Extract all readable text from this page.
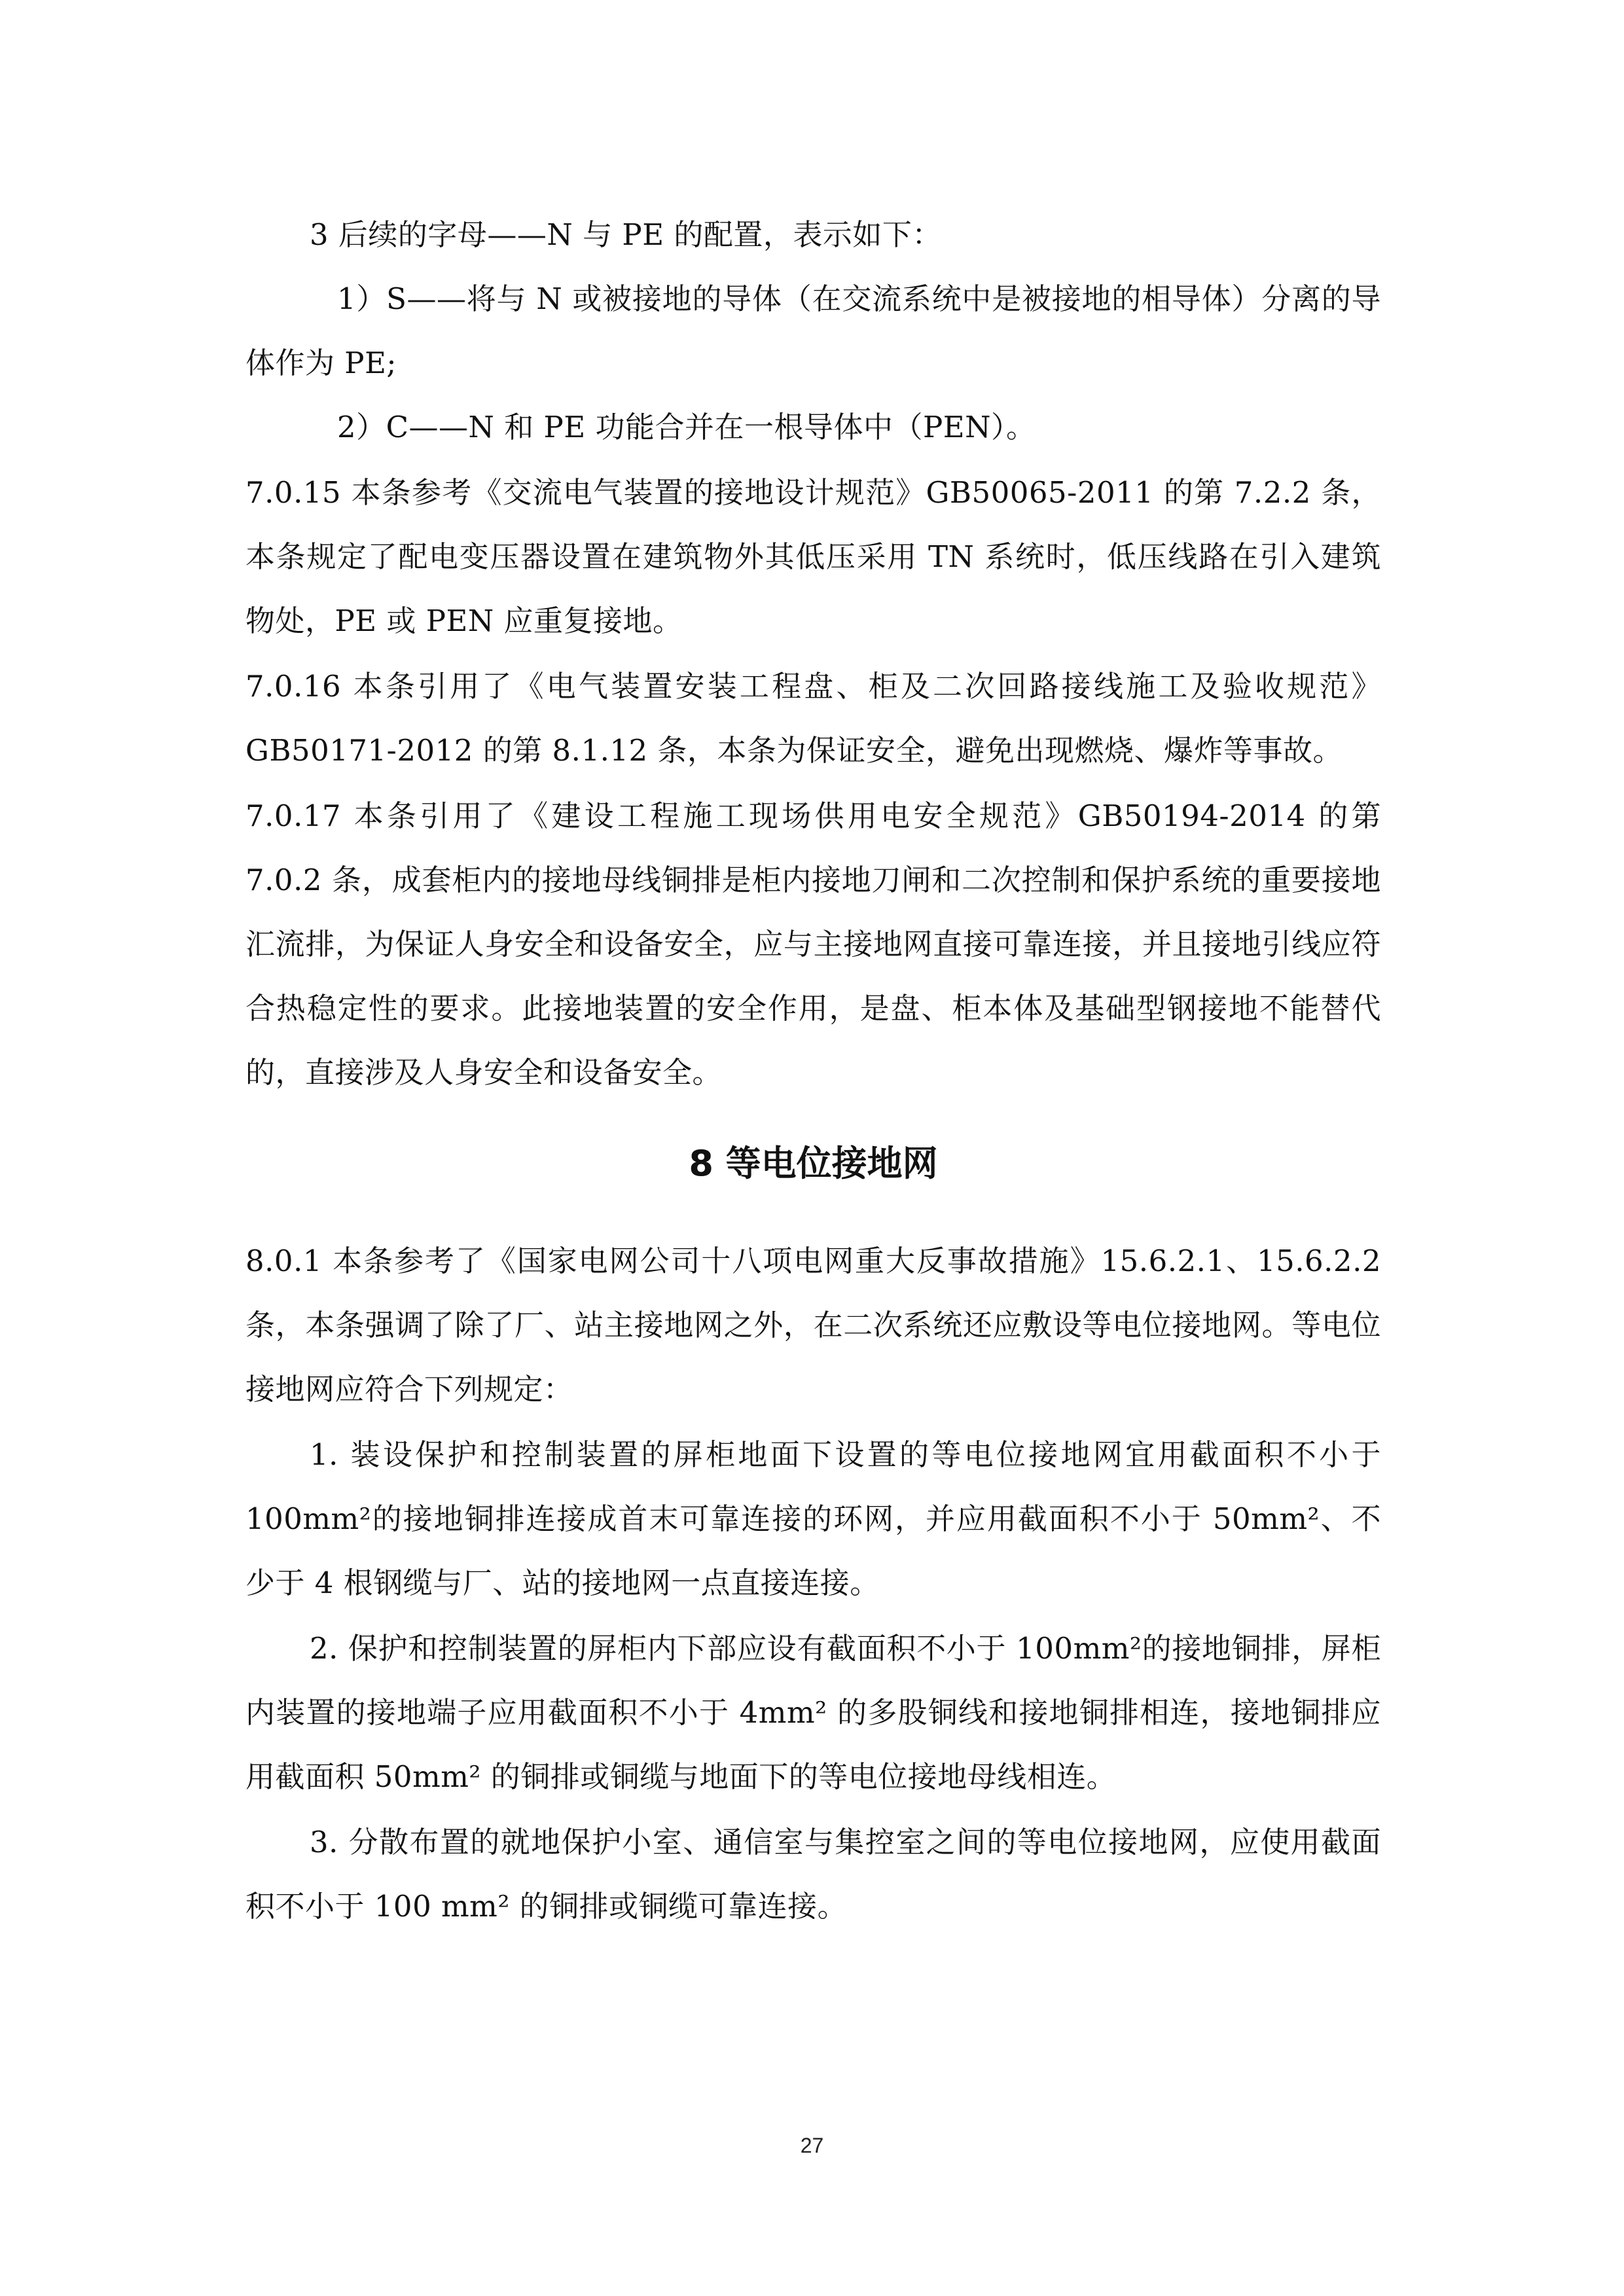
3 后续的字母——N 与 PE 的配置，表示如下：

1）S——将与 N 或被接地的导体（在交流系统中是被接地的相导体）分离的导体作为 PE;

2）C——N 和 PE 功能合并在一根导体中（PEN）。

7.0.15 本条参考《交流电气装置的接地设计规范》GB50065-2011 的第 7.2.2 条，本条规定了配电变压器设置在建筑物外其低压采用 TN 系统时，低压线路在引入建筑物处，PE 或 PEN 应重复接地。

7.0.16 本条引用了《电气装置安装工程盘、柜及二次回路接线施工及验收规范》GB50171-2012 的第 8.1.12 条，本条为保证安全，避免出现燃烧、爆炸等事故。

7.0.17 本条引用了《建设工程施工现场供用电安全规范》GB50194-2014 的第 7.0.2 条，成套柜内的接地母线铜排是柜内接地刀闸和二次控制和保护系统的重要接地汇流排，为保证人身安全和设备安全，应与主接地网直接可靠连接，并且接地引线应符合热稳定性的要求。此接地装置的安全作用，是盘、柜本体及基础型钢接地不能替代的，直接涉及人身安全和设备安全。

8 等电位接地网

8.0.1 本条参考了《国家电网公司十八项电网重大反事故措施》15.6.2.1、15.6.2.2 条，本条强调了除了厂、站主接地网之外，在二次系统还应敷设等电位接地网。等电位接地网应符合下列规定：

1. 装设保护和控制装置的屏柜地面下设置的等电位接地网宜用截面积不小于 100mm²的接地铜排连接成首末可靠连接的环网，并应用截面积不小于 50mm²、不少于 4 根钢缆与厂、站的接地网一点直接连接。

2. 保护和控制装置的屏柜内下部应设有截面积不小于 100mm²的接地铜排，屏柜内装置的接地端子应用截面积不小于 4mm² 的多股铜线和接地铜排相连，接地铜排应用截面积 50mm² 的铜排或铜缆与地面下的等电位接地母线相连。

3. 分散布置的就地保护小室、通信室与集控室之间的等电位接地网，应使用截面积不小于 100 mm² 的铜排或铜缆可靠连接。

27
